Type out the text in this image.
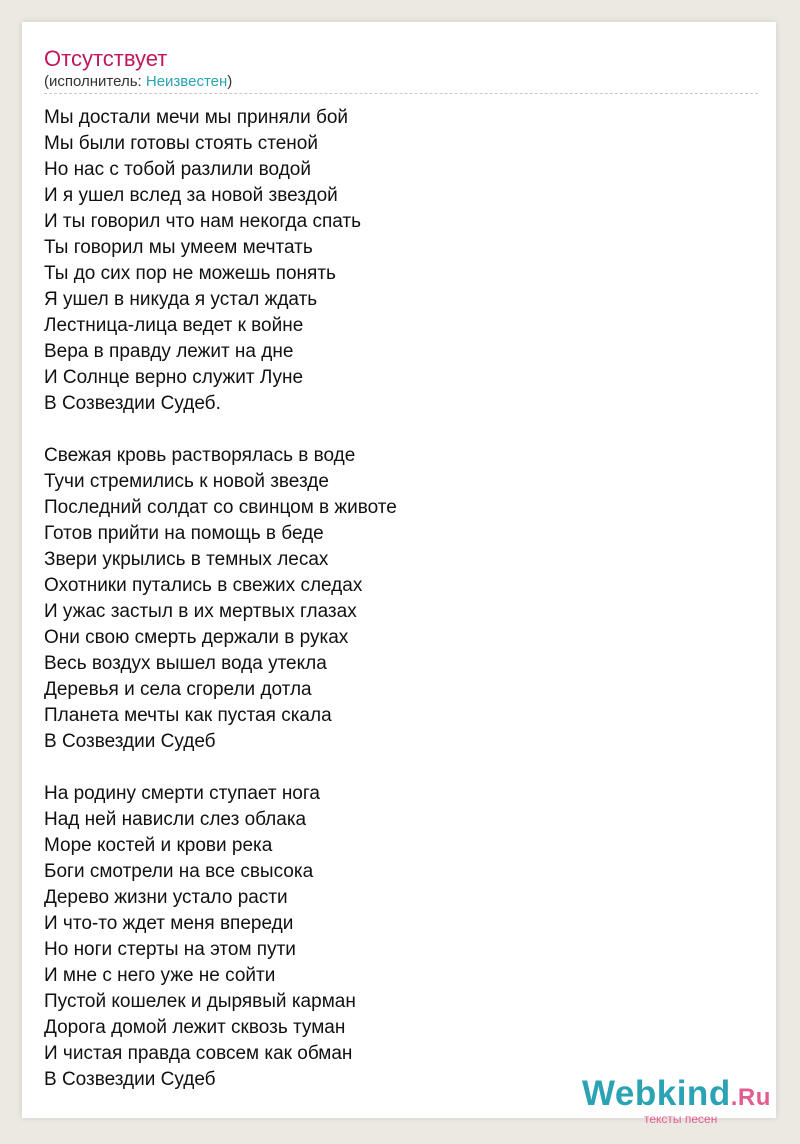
Отсутствует
(исполнитель: Неизвестен)
Мы достали мечи мы приняли бой
Мы были готовы стоять стеной
Но нас с тобой разлили водой
И я ушел вслед за новой звездой
И ты говорил что нам некогда спать
Ты говорил мы умеем мечтать
Ты до сих пор не можешь понять
Я ушел в никуда я устал ждать
Лестница-лица ведет к войне
Вера в правду лежит на дне
И Солнце верно служит Луне
В Созвездии Судеб.
Свежая кровь растворялась в воде
Тучи стремились к новой звезде
Последний солдат со свинцом в животе
Готов прийти на помощь в беде
Звери укрылись в темных лесах
Охотники путались в свежих следах
И ужас застыл в их мертвых глазах
Они свою смерть держали в руках
Весь воздух вышел вода утекла
Деревья и села сгорели дотла
Планета мечты как пустая скала
В Созвездии Судеб
На родину смерти ступает нога
Над ней нависли слез облака
Море костей и крови река
Боги смотрели на все свысока
Дерево жизни устало расти
И что-то ждет меня впереди
Но ноги стерты на этом пути
И мне с него уже не сойти
Пустой кошелек и дырявый карман
Дорога домой лежит сквозь туман
И чистая правда совсем как обман
В Созвездии Судеб	Webkind.Ru
тексты песен
